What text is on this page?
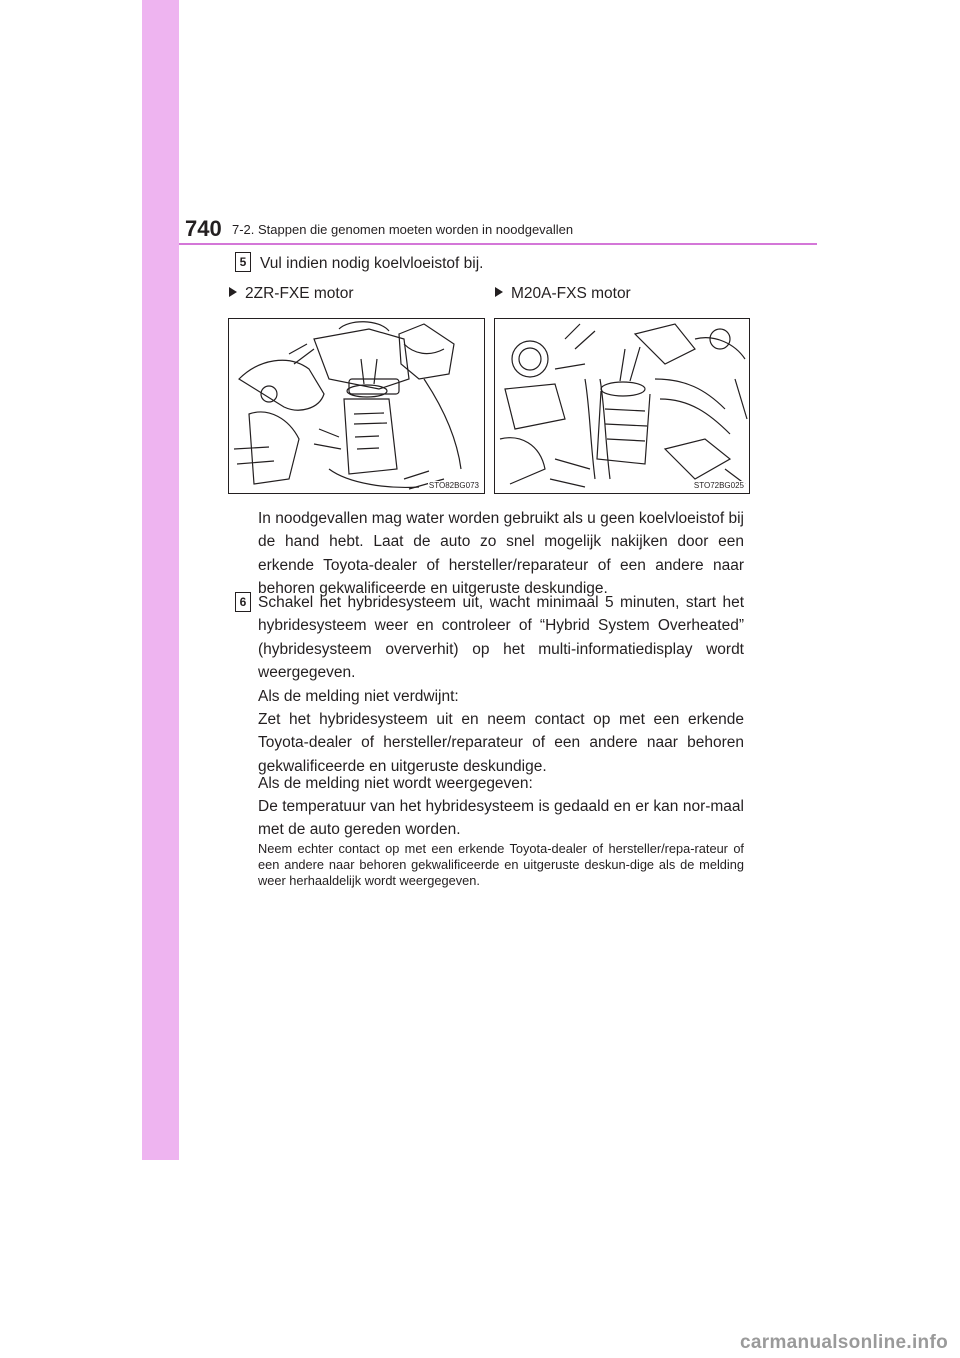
740 7-2. Stappen die genomen moeten worden in noodgevallen
5 Vul indien nodig koelvloeistof bij.
2ZR-FXE motor	M20A-FXS motor
STO82BG073	STO72BG025
In noodgevallen mag water worden gebruikt als u geen koelvloeistof bij de hand hebt. Laat de auto zo snel mogelijk nakijken door een erkende Toyota-dealer of hersteller/reparateur of een andere naar behoren gekwalificeerde en uitgeruste deskundige.
6 Schakel het hybridesysteem uit, wacht minimaal 5 minuten, start het hybridesysteem weer en controleer of “Hybrid System Overheated” (hybridesysteem oververhit) op het multi-informatiedisplay wordt weergegeven.
Als de melding niet verdwijnt:
Zet het hybridesysteem uit en neem contact op met een erkende Toyota-dealer of hersteller/reparateur of een andere naar behoren gekwalificeerde en uitgeruste deskundige.
Als de melding niet wordt weergegeven:
De temperatuur van het hybridesysteem is gedaald en er kan nor-maal met de auto gereden worden.
Neem echter contact op met een erkende Toyota-dealer of hersteller/repa-rateur of een andere naar behoren gekwalificeerde en uitgeruste deskun-dige als de melding weer herhaaldelijk wordt weergegeven.
carmanualsonline.info
